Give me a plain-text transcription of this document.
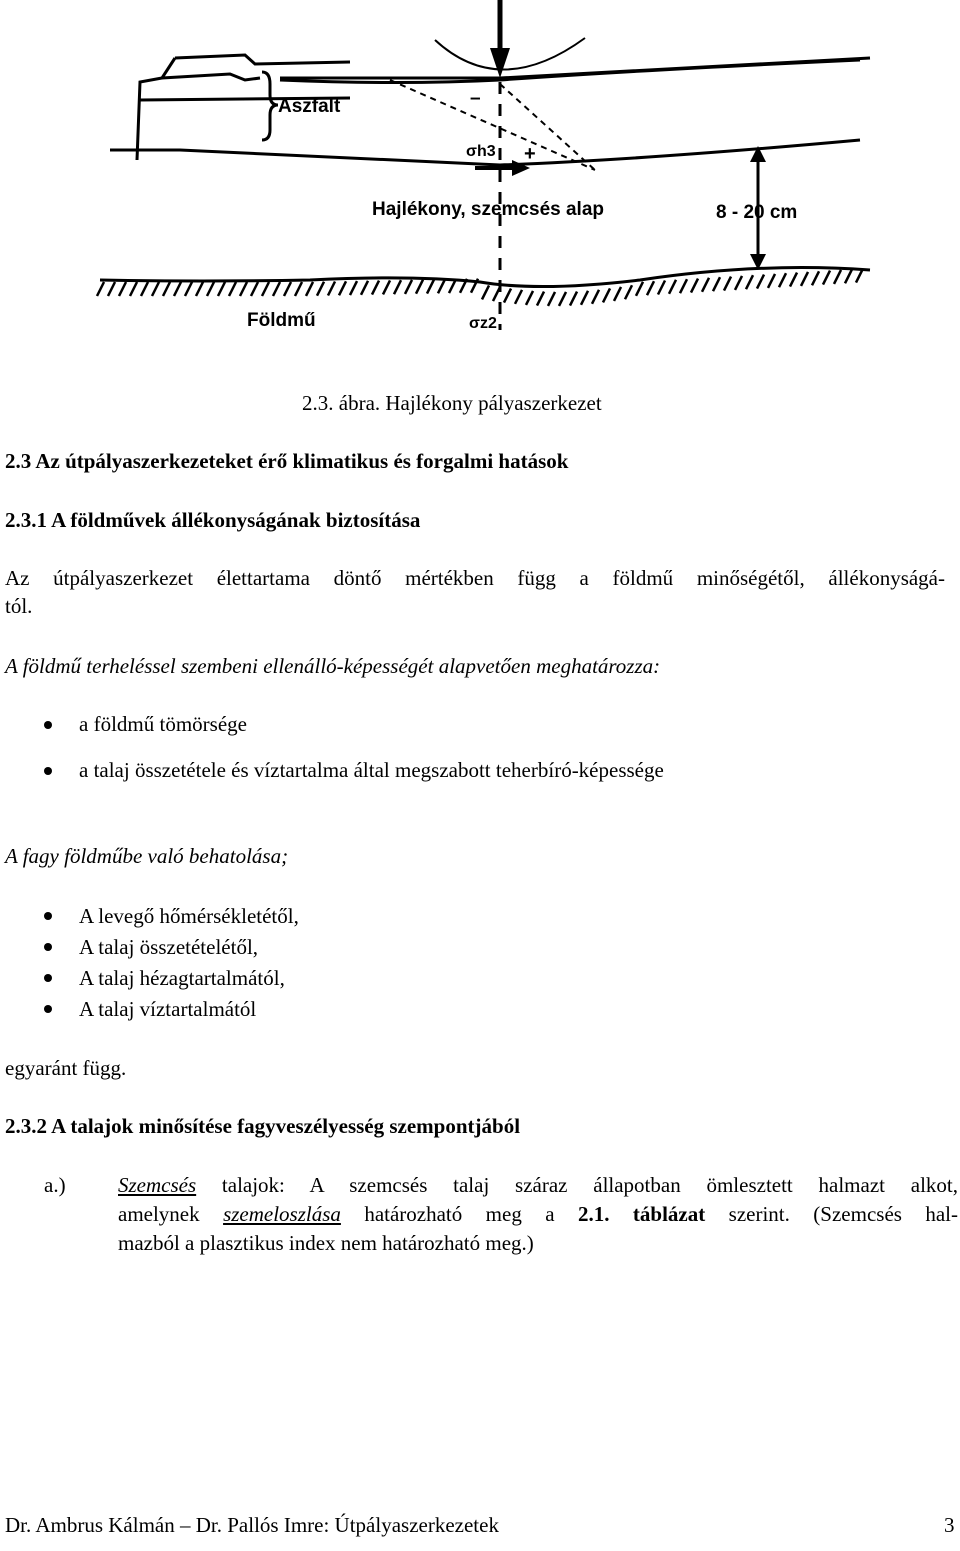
Aszfalt	–
+
σh3
Hajlékony, szemcsés alap	8 - 20 cm
Földmű	σz2
2.3. ábra. Hajlékony pályaszerkezet
2.3 Az útpályaszerkezeteket érő klimatikus és forgalmi hatások
2.3.1 A földművek állékonyságának biztosítása
Az útpályaszerkezet élettartama döntő mértékben függ a földmű minőségétől, állékonyságá-
tól.
A földmű terheléssel szembeni ellenálló-képességét alapvetően meghatározza:
a földmű tömörsége
a talaj összetétele és víztartalma által megszabott teherbíró-képessége
A fagy földműbe való behatolása;
A levegő hőmérsékletétől,
A talaj összetételétől,
A talaj hézagtartalmától,
A talaj víztartalmától
egyaránt függ.
2.3.2 A talajok minősítése fagyveszélyesség szempontjából
a.) Szemcsés talajok: A szemcsés talaj száraz állapotban ömlesztett halmazt alkot,
amelynek szemeloszlása határozható meg a 2.1. táblázat szerint. (Szemcsés hal-
mazból a plasztikus index nem határozható meg.)
Dr. Ambrus Kálmán – Dr. Pallós Imre: Útpályaszerkezetek	3
